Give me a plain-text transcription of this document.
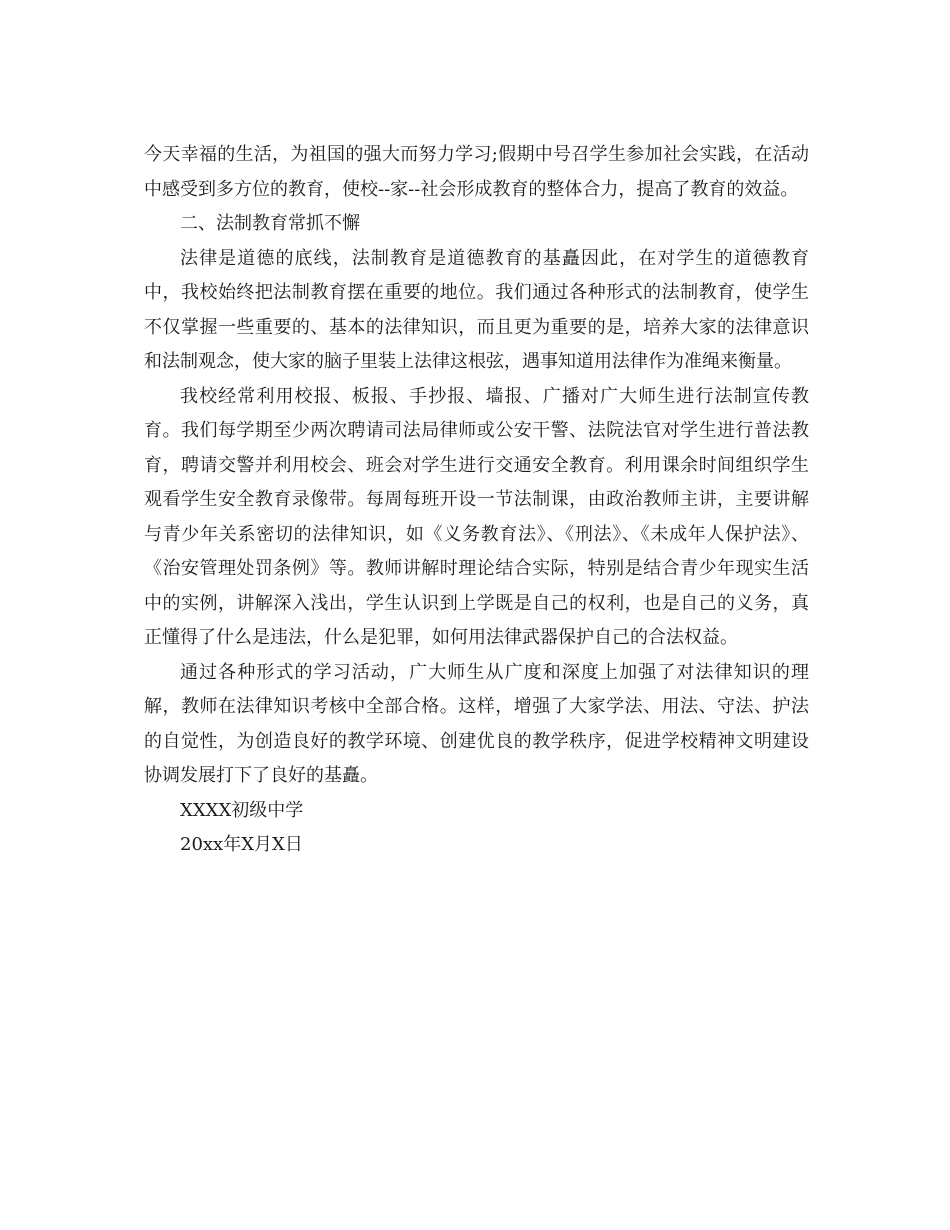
今天幸福的生活，为祖国的强大而努力学习;假期中号召学生参加社会实践，在活动中感受到多方位的教育，使校--家--社会形成教育的整体合力，提高了教育的效益。

二、法制教育常抓不懈

法律是道德的底线，法制教育是道德教育的基矗因此，在对学生的道德教育中，我校始终把法制教育摆在重要的地位。我们通过各种形式的法制教育，使学生不仅掌握一些重要的、基本的法律知识，而且更为重要的是，培养大家的法律意识和法制观念，使大家的脑子里装上法律这根弦，遇事知道用法律作为准绳来衡量。

我校经常利用校报、板报、手抄报、墙报、广播对广大师生进行法制宣传教育。我们每学期至少两次聘请司法局律师或公安干警、法院法官对学生进行普法教育，聘请交警并利用校会、班会对学生进行交通安全教育。利用课余时间组织学生观看学生安全教育录像带。每周每班开设一节法制课，由政治教师主讲，主要讲解与青少年关系密切的法律知识，如《义务教育法》、《刑法》、《未成年人保护法》、《治安管理处罚条例》等。教师讲解时理论结合实际，特别是结合青少年现实生活中的实例，讲解深入浅出，学生认识到上学既是自己的权利，也是自己的义务，真正懂得了什么是违法，什么是犯罪，如何用法律武器保护自己的合法权益。

通过各种形式的学习活动，广大师生从广度和深度上加强了对法律知识的理解，教师在法律知识考核中全部合格。这样，增强了大家学法、用法、守法、护法的自觉性，为创造良好的教学环境、创建优良的教学秩序，促进学校精神文明建设协调发展打下了良好的基矗。

XXXX初级中学

20xx年X月X日
